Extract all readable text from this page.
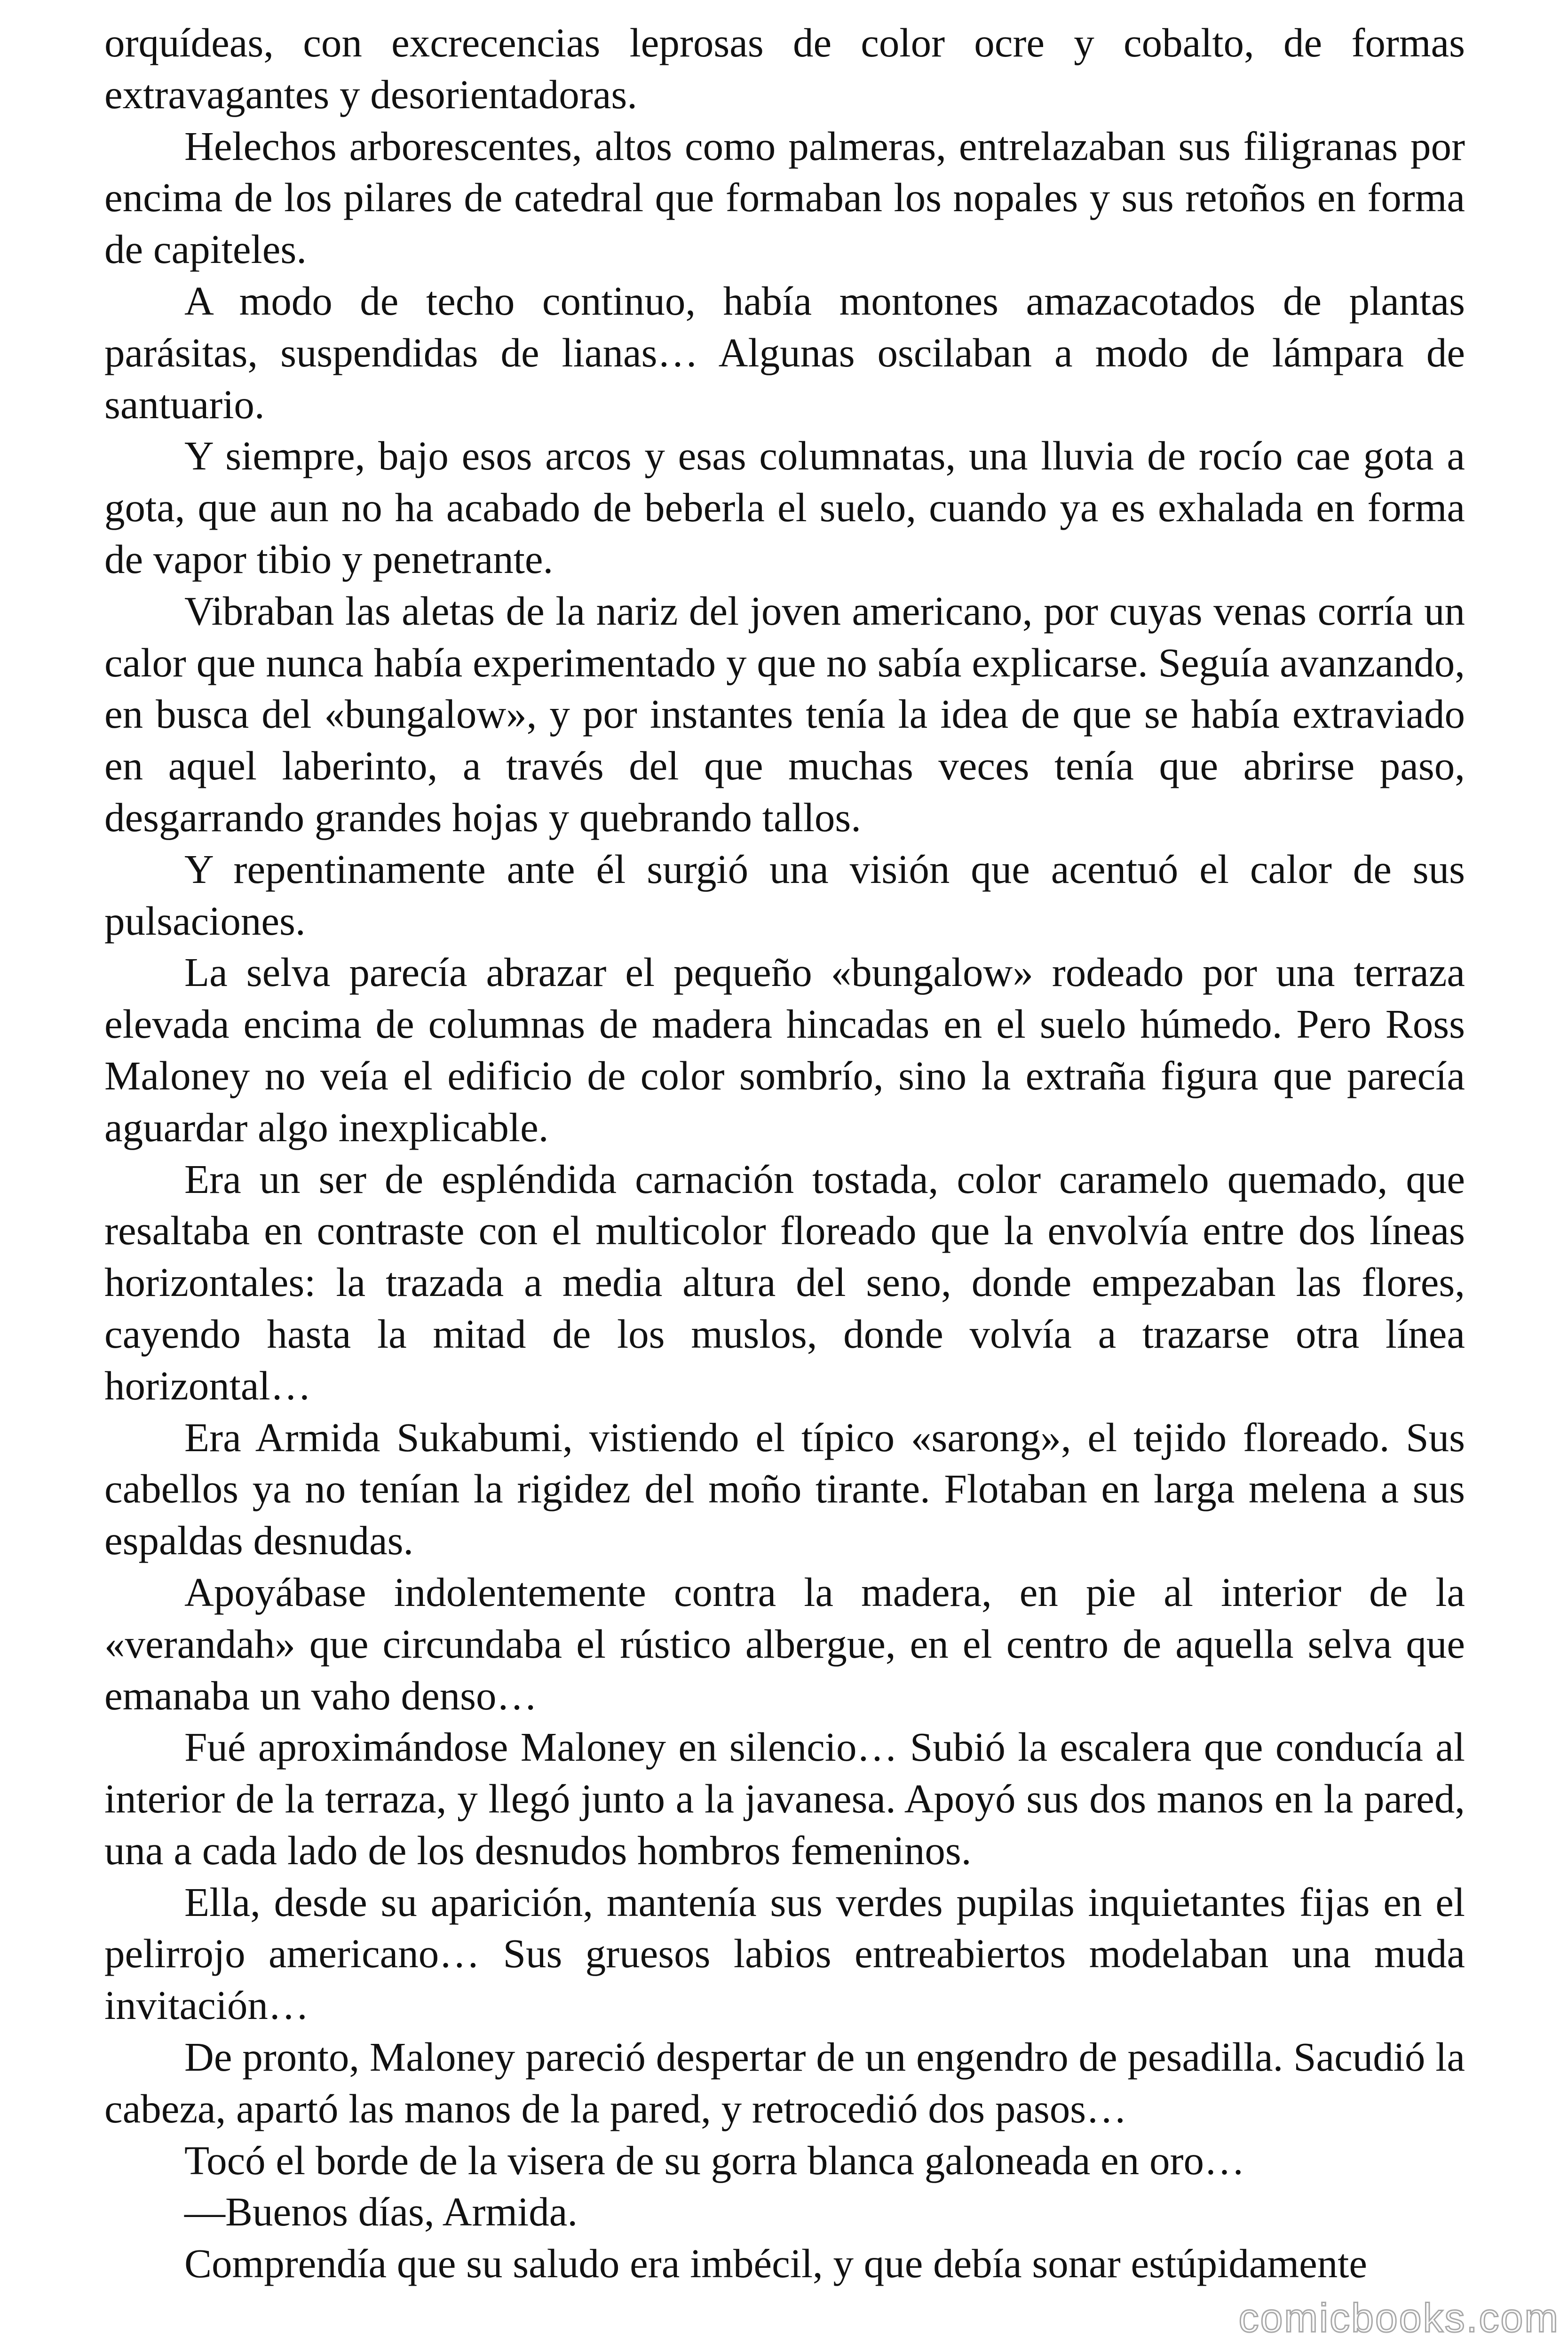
orquídeas, con excrecencias leprosas de color ocre y cobalto, de formas extravagantes y desorientadoras.

Helechos arborescentes, altos como palmeras, entrelazaban sus filigranas por encima de los pilares de catedral que formaban los nopales y sus retoños en forma de capiteles.

A modo de techo continuo, había montones amazacotados de plantas parásitas, suspendidas de lianas… Algunas oscilaban a modo de lámpara de santuario.

Y siempre, bajo esos arcos y esas columnatas, una lluvia de rocío cae gota a gota, que aun no ha acabado de beberla el suelo, cuando ya es exhalada en forma de vapor tibio y penetrante.

Vibraban las aletas de la nariz del joven americano, por cuyas venas corría un calor que nunca había experimentado y que no sabía explicarse. Seguía avanzando, en busca del «bungalow», y por instantes tenía la idea de que se había extraviado en aquel laberinto, a través del que muchas veces tenía que abrirse paso, desgarrando grandes hojas y quebrando tallos.

Y repentinamente ante él surgió una visión que acentuó el calor de sus pulsaciones.

La selva parecía abrazar el pequeño «bungalow» rodeado por una terraza elevada encima de columnas de madera hincadas en el suelo húmedo. Pero Ross Maloney no veía el edificio de color sombrío, sino la extraña figura que parecía aguardar algo inexplicable.

Era un ser de espléndida carnación tostada, color caramelo quemado, que resaltaba en contraste con el multicolor floreado que la envolvía entre dos líneas horizontales: la trazada a media altura del seno, donde empezaban las flores, cayendo hasta la mitad de los muslos, donde volvía a trazarse otra línea horizontal…

Era Armida Sukabumi, vistiendo el típico «sarong», el tejido floreado. Sus cabellos ya no tenían la rigidez del moño tirante. Flotaban en larga melena a sus espaldas desnudas.

Apoyábase indolentemente contra la madera, en pie al interior de la «verandah» que circundaba el rústico albergue, en el centro de aquella selva que emanaba un vaho denso…

Fué aproximándose Maloney en silencio… Subió la escalera que conducía al interior de la terraza, y llegó junto a la javanesa. Apoyó sus dos manos en la pared, una a cada lado de los desnudos hombros femeninos.

Ella, desde su aparición, mantenía sus verdes pupilas inquietantes fijas en el pelirrojo americano… Sus gruesos labios entreabiertos modelaban una muda invitación…

De pronto, Maloney pareció despertar de un engendro de pesadilla. Sacudió la cabeza, apartó las manos de la pared, y retrocedió dos pasos…

Tocó el borde de la visera de su gorra blanca galoneada en oro…

—Buenos días, Armida.

Comprendía que su saludo era imbécil, y que debía sonar estúpidamente

comicbooks.com
